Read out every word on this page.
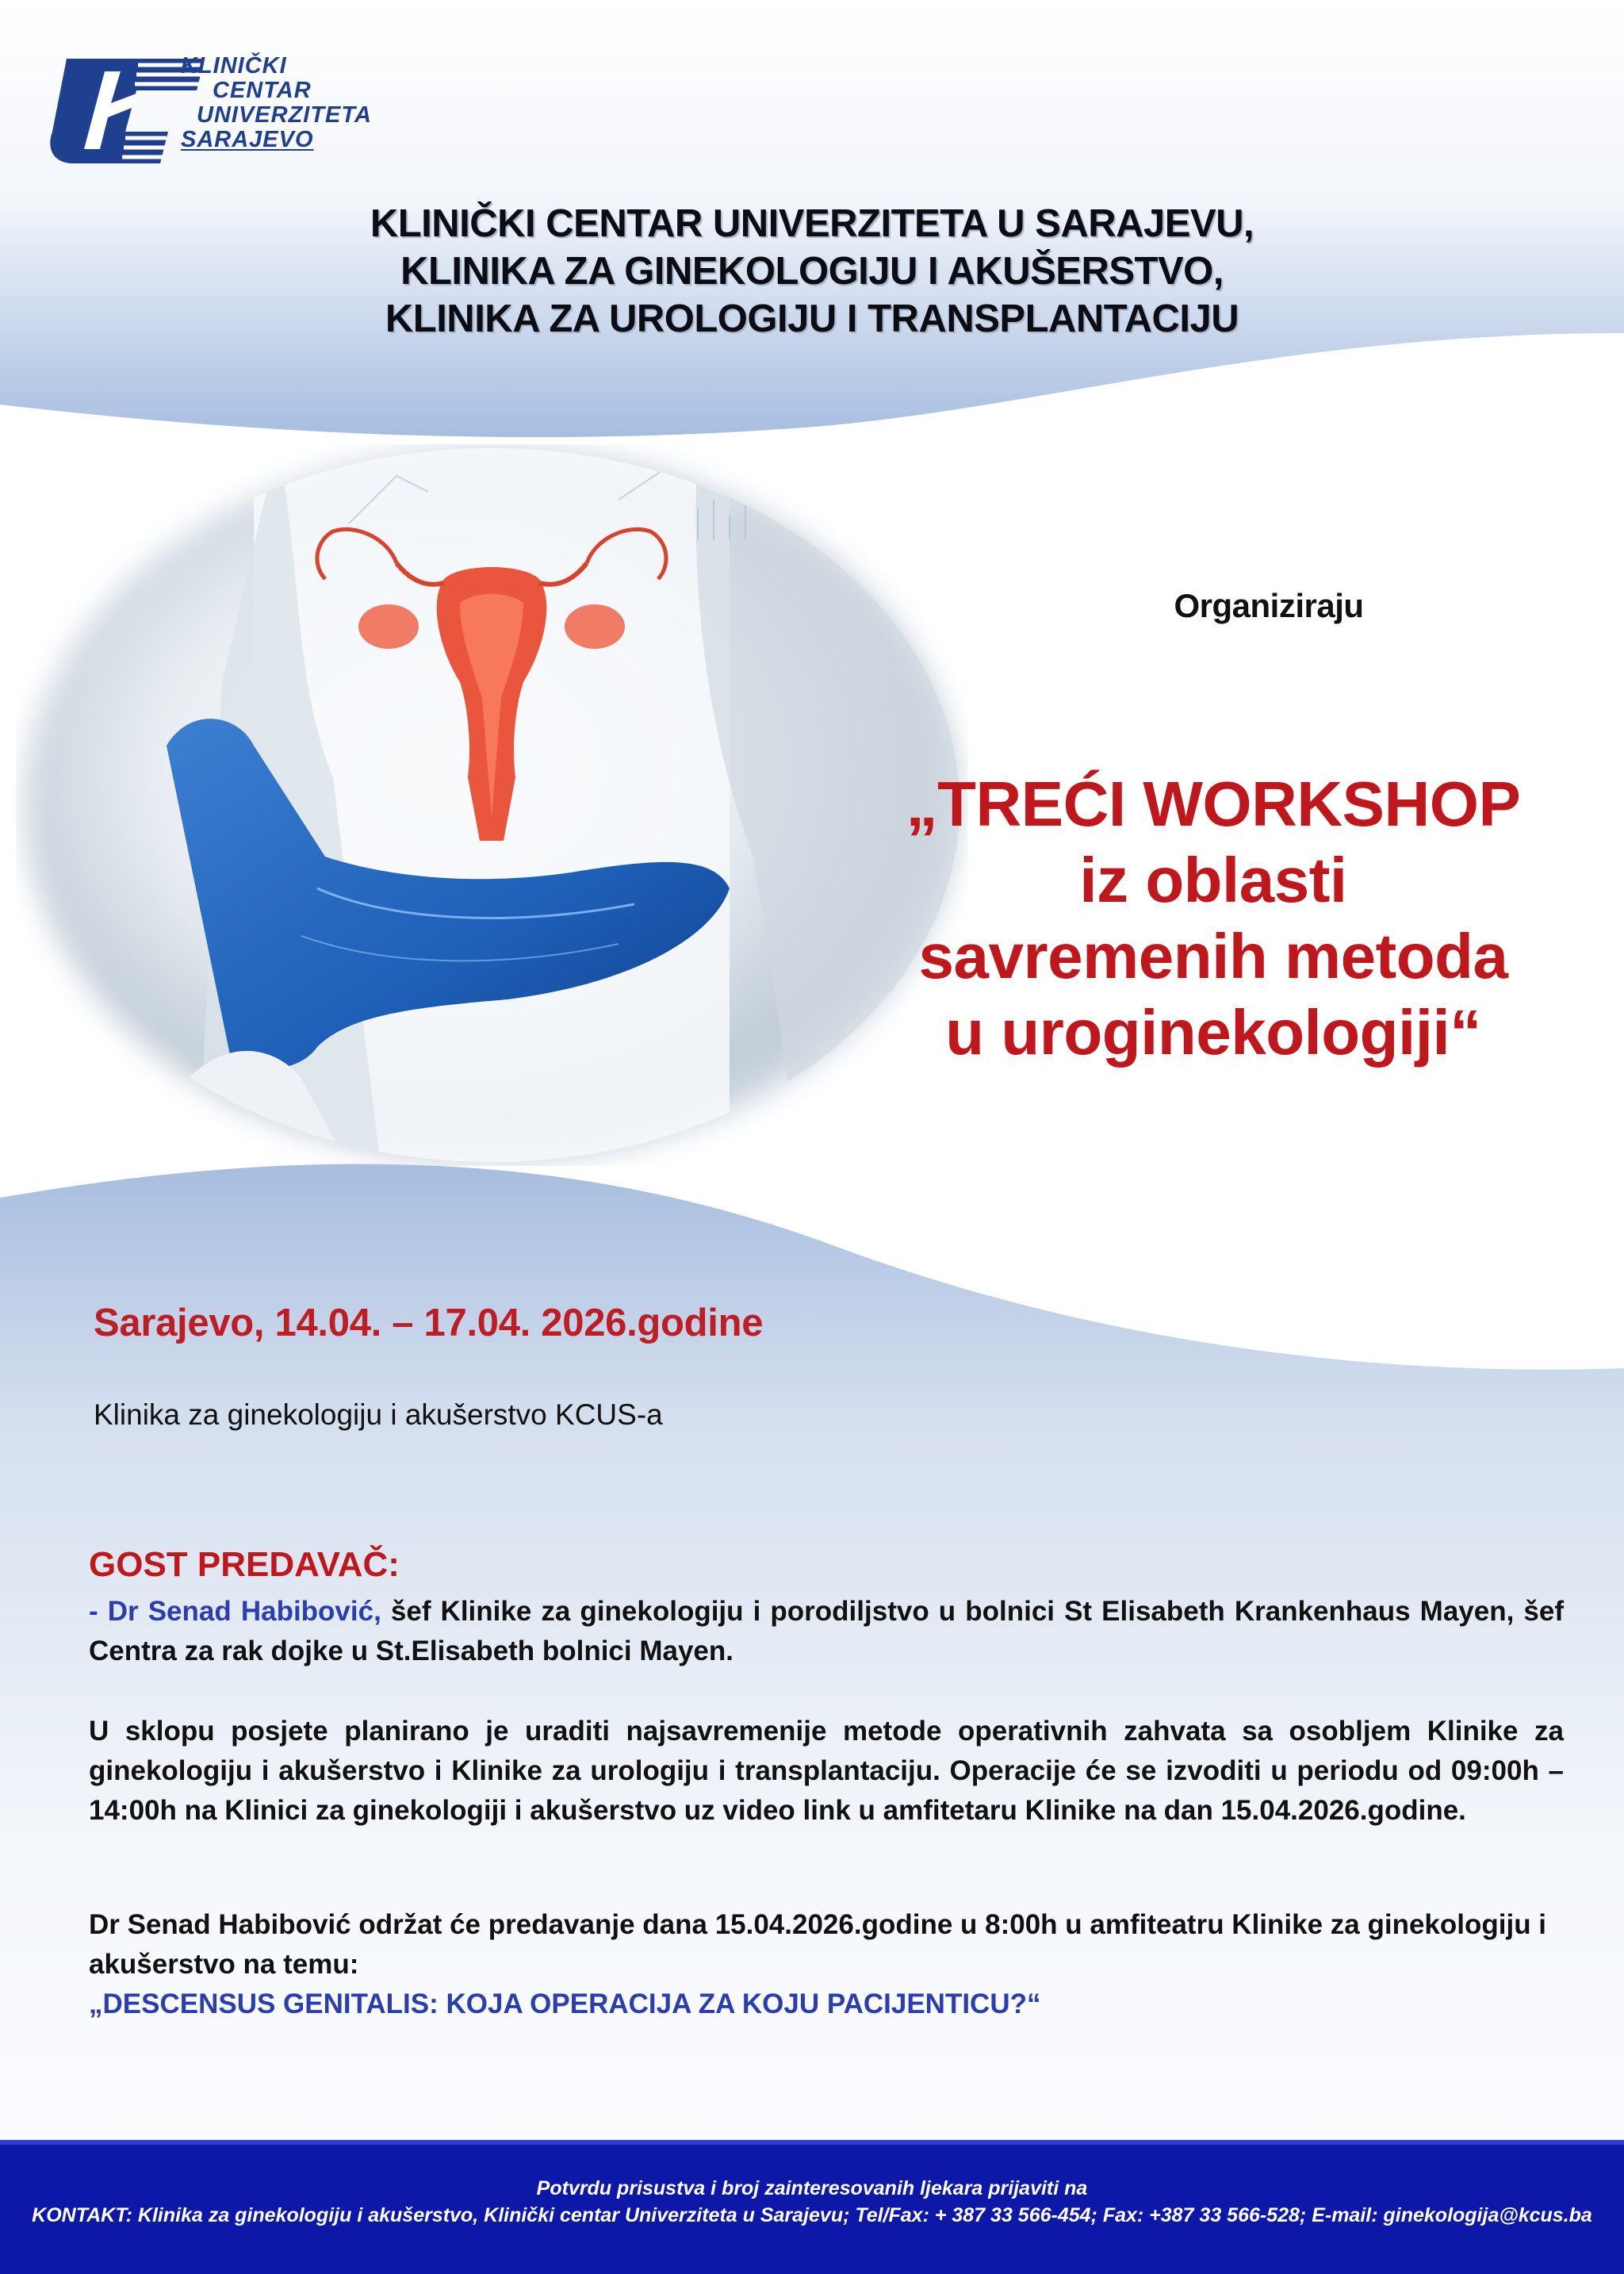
KLINIČKI
CENTAR
UNIVERZITETA
SARAJEVO
KLINIČKI CENTAR UNIVERZITETA U SARAJEVU,
KLINIKA ZA GINEKOLOGIJU I AKUŠERSTVO,
KLINIKA ZA UROLOGIJU I TRANSPLANTACIJU
Organiziraju
„TREĆI WORKSHOP
iz oblasti
savremenih metoda
u uroginekologiji“
Sarajevo, 14.04. – 17.04. 2026.godine
Klinika za ginekologiju i akušerstvo KCUS-a
GOST PREDAVAČ:
- Dr Senad Habibović, šef Klinike za ginekologiju i porodiljstvo u bolnici St Elisabeth Krankenhaus Mayen, šef Centra za rak dojke u St.Elisabeth bolnici Mayen.
U sklopu posjete planirano je uraditi najsavremenije metode operativnih zahvata sa osobljem Klinike za ginekologiju i akušerstvo i Klinike za urologiju i transplantaciju. Operacije će se izvoditi u periodu od 09:00h – 14:00h na Klinici za ginekologiji i akušerstvo uz video link u amfitetaru Klinike na dan 15.04.2026.godine.
Dr Senad Habibović održat će predavanje dana 15.04.2026.godine u 8:00h u amfiteatru Klinike za ginekologiju i akušerstvo na temu:
„DESCENSUS GENITALIS: KOJA OPERACIJA ZA KOJU PACIJENTICU?“
Potvrdu prisustva i broj zainteresovanih ljekara prijaviti na
KONTAKT: Klinika za ginekologiju i akušerstvo, Klinički centar Univerziteta u Sarajevu; Tel/Fax: + 387 33 566-454; Fax: +387 33 566-528; E-mail: ginekologija@kcus.ba
